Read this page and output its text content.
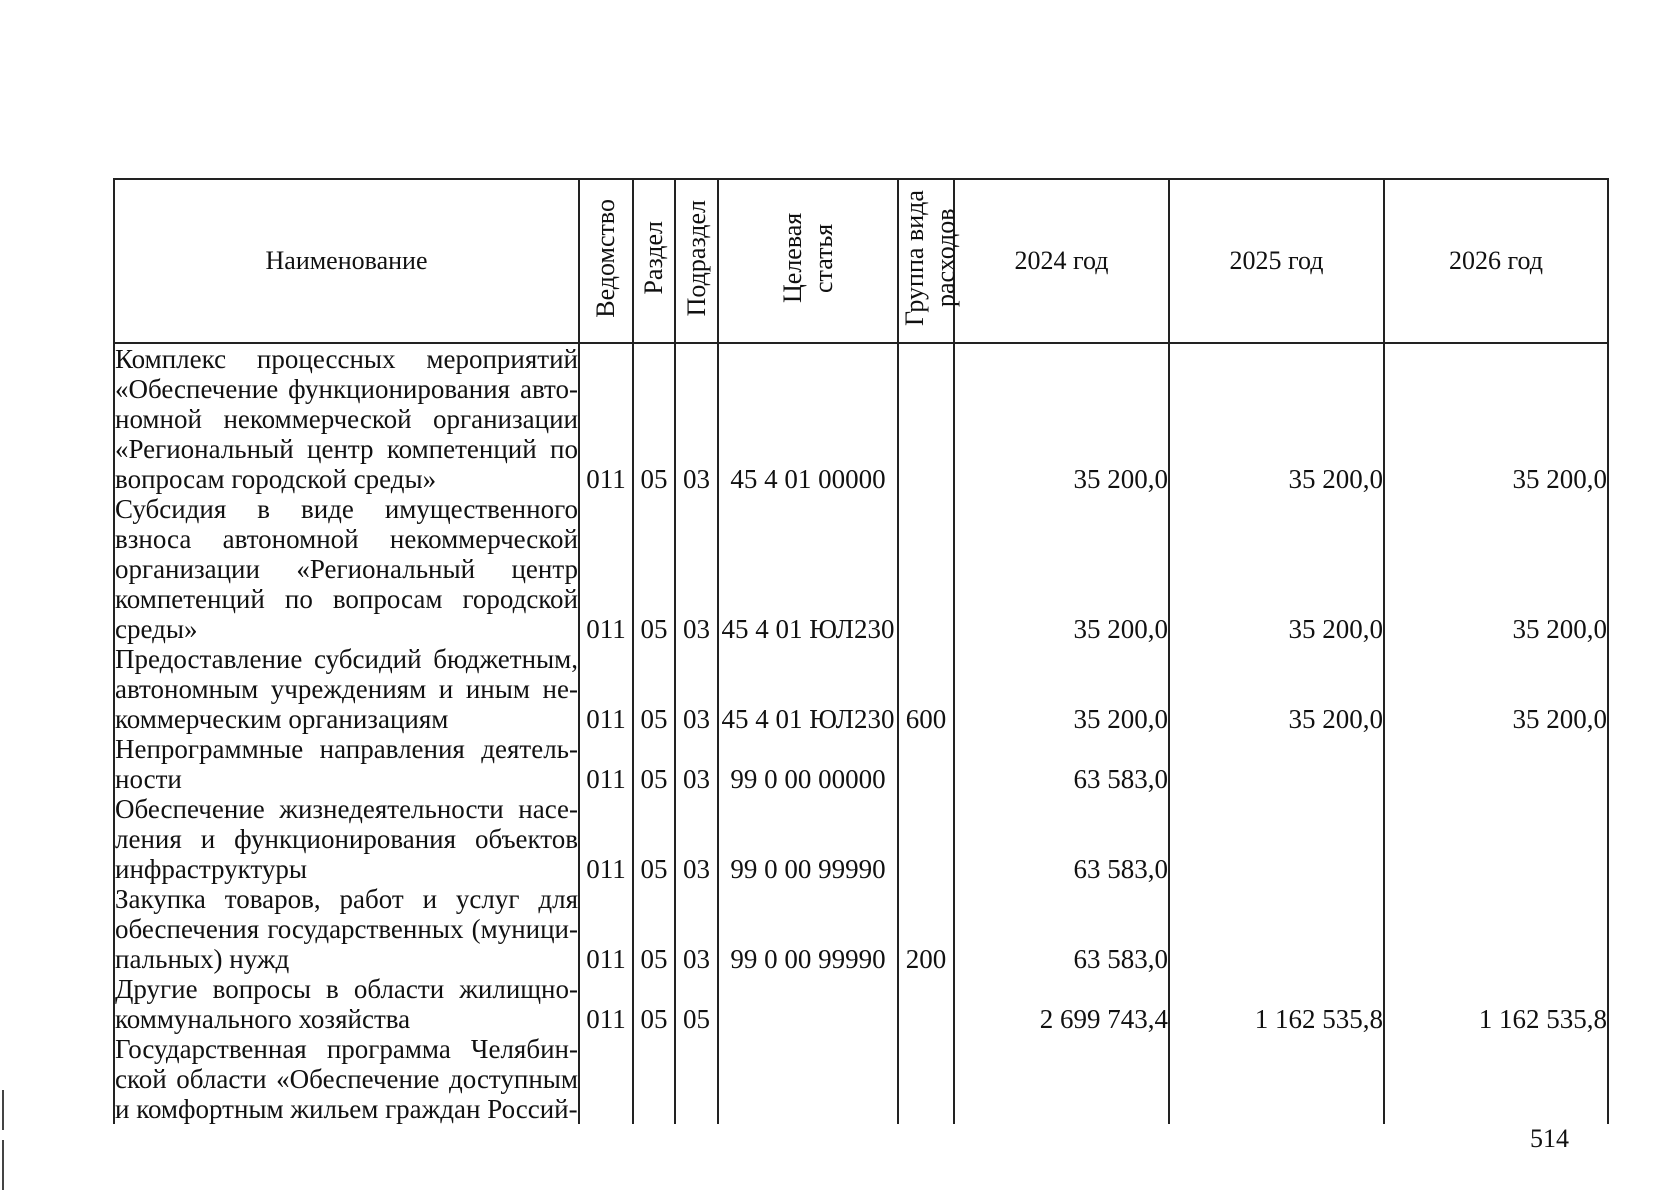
Наименование	Ведомство	Раздел	Подраздел	Целевая статья	Группа вида расходов	2024 год	2025 год	2026 год
Комплекс процессных мероприятий «Обеспечение функционирования автономной некоммерческой организации «Региональный центр компетенций по вопросам городской среды»	011	05	03	45 4 01 00000		35 200,0	35 200,0	35 200,0
Субсидия в виде имущественного взноса автономной некоммерческой организации «Региональный центр компетенций по вопросам городской среды»	011	05	03	45 4 01 ЮЛ230		35 200,0	35 200,0	35 200,0
Предоставление субсидий бюджетным, автономным учреждениям и иным некоммерческим организациям	011	05	03	45 4 01 ЮЛ230	600	35 200,0	35 200,0	35 200,0
Непрограммные направления деятельности	011	05	03	99 0 00 00000		63 583,0		
Обеспечение жизнедеятельности населения и функционирования объектов инфраструктуры	011	05	03	99 0 00 99990		63 583,0		
Закупка товаров, работ и услуг для обеспечения государственных (муниципальных) нужд	011	05	03	99 0 00 99990	200	63 583,0		
Другие вопросы в области жилищно-коммунального хозяйства	011	05	05			2 699 743,4	1 162 535,8	1 162 535,8
Государственная программа Челябинской области «Обеспечение доступным и комфортным жильем граждан Россий-								
514
